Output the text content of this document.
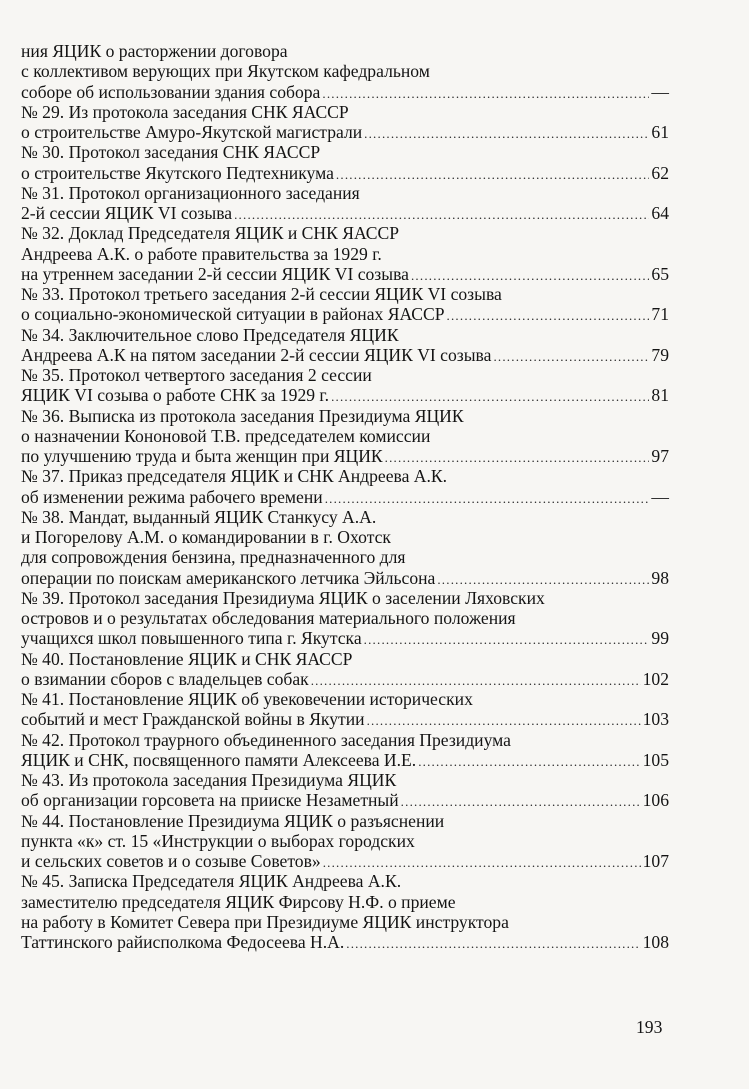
ния ЯЦИК о расторжении договора
с коллективом верующих при Якутском кафедральном
соборе об использовании здания собора .....	—
№ 29. Из протокола заседания СНК ЯАССР
о строительстве Амуро-Якутской магистрали .....	61
№ 30. Протокол заседания СНК ЯАССР
о строительстве Якутского Педтехникума .....	62
№ 31. Протокол организационного заседания
2-й сессии ЯЦИК VI созыва .....	64
№ 32. Доклад Председателя ЯЦИК и СНК ЯАССР
Андреева А.К. о работе правительства за 1929 г.
на утреннем заседании 2-й сессии ЯЦИК VI созыва .....	65
№ 33. Протокол третьего заседания 2-й сессии ЯЦИК VI созыва
о социально-экономической ситуации в районах ЯАССР .....	71
№ 34. Заключительное слово Председателя ЯЦИК
Андреева А.К на пятом заседании 2-й сессии ЯЦИК VI созыва .....	79
№ 35. Протокол четвертого заседания 2 сессии
ЯЦИК VI созыва о работе СНК за 1929 г. .....	81
№ 36. Выписка из протокола заседания Президиума ЯЦИК
о назначении Кононовой Т.В. председателем комиссии
по улучшению труда и быта женщин при ЯЦИК .....	97
№ 37. Приказ председателя ЯЦИК и СНК Андреева А.К.
об изменении режима рабочего времени .....	—
№ 38. Мандат, выданный ЯЦИК Станкусу А.А.
и Погорелову А.М. о командировании в г. Охотск
для сопровождения бензина, предназначенного для
операции по поискам американского летчика Эйльсона .....	98
№ 39. Протокол заседания Президиума ЯЦИК о заселении Ляховских
островов и о результатах обследования материального положения
учащихся школ повышенного типа г. Якутска .....	99
№ 40. Постановление ЯЦИК и СНК ЯАССР
о взимании сборов с владельцев собак .....	102
№ 41. Постановление ЯЦИК об увековечении исторических
событий и мест Гражданской войны в Якутии .....	103
№ 42. Протокол траурного объединенного заседания Президиума
ЯЦИК и СНК, посвященного памяти Алексеева И.Е. .....	105
№ 43. Из протокола заседания Президиума ЯЦИК
об организации горсовета на прииске Незаметный .....	106
№ 44. Постановление Президиума ЯЦИК о разъяснении
пункта «к» ст. 15 «Инструкции о выборах городских
и сельских советов и о созыве Советов» .....	107
№ 45. Записка Председателя ЯЦИК Андреева А.К.
заместителю председателя ЯЦИК Фирсову Н.Ф. о приеме
на работу в Комитет Севера при Президиуме ЯЦИК инструктора
Таттинского райисполкома Федосеева Н.А. .....	108
193
